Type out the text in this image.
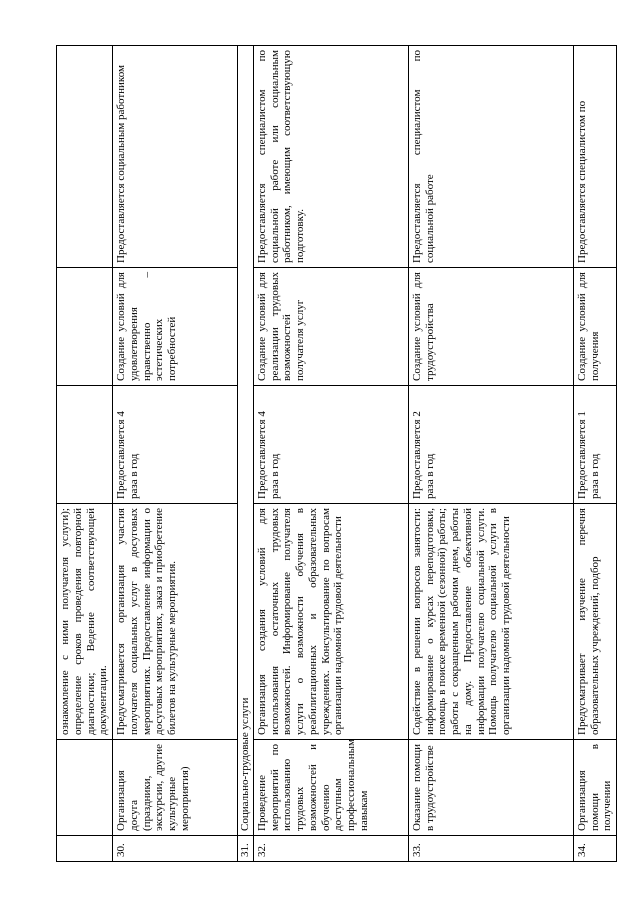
		ознакомление с ними получателя услуги); определение сроков проведения повторной диагностики; Ведение соответствующей документации.			
30.	Организация досуга (праздники, экскурсии, другие культурные мероприятия)	Предусматривается организация участия получателя социальных услуг в досуговых мероприятиях. Предоставление информации о досуговых мероприятиях, заказ и приобретение билетов на культурные мероприятия.	Предоставляется 4 раза в год	Создание условий для удовлетворения нравственно – эстетических потребностей	Предоставляется социальным работником
31.	Социально-трудовые услуги				
32.	Проведение мероприятий по использованию трудовых возможностей и обучению доступным профессиональным навыкам	Организация создания условий для использования остаточных трудовых возможностей. Информирование получателя услуги о возможности обучения в реабилитационных и образовательных учреждениях. Консультирование по вопросам организации надомной трудовой деятельности	Предоставляется 4 раза в год	Создание условий для реализации трудовых возможностей получателя услуг	Предоставляется специалистом по социальной работе или социальным работником, имеющим соответствующую подготовку.
33.	Оказание помощи в трудоустройстве	Содействие в решении вопросов занятости: информирование о курсах переподготовки, помощь в поиске временной (сезонной) работы; работы с сокращенным рабочим днем, работы на дому. Предоставление объективной информации получателю социальной услуги. Помощь получателю социальной услуги в организации надомной трудовой деятельности	Предоставляется 2 раза в год	Создание условий для трудоустройства	Предоставляется специалистом по социальной работе
34.	Организация помощи в получении	Предусматривает изучение перечня образовательных учреждений, подбор	Предоставляется 1 раза в год	Создание условий для получения	Предоставляется специалистом по
